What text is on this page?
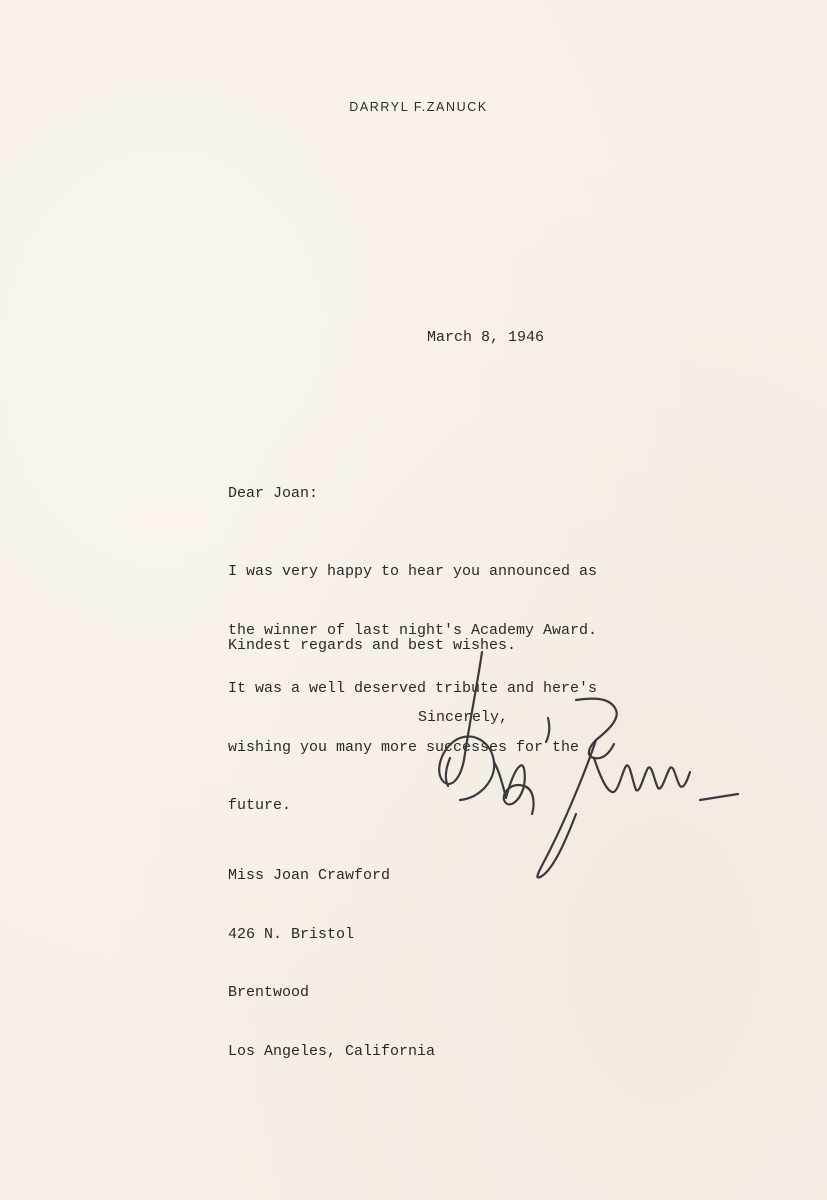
DARRYL F.ZANUCK
March 8, 1946
Dear Joan:

I was very happy to hear you announced as

the winner of last night's Academy Award.

It was a well deserved tribute and here's

wishing you many more successes for the

future.

Kindest regards and best wishes.
Sincerely,

Miss Joan Crawford

426 N. Bristol

Brentwood

Los Angeles, California
